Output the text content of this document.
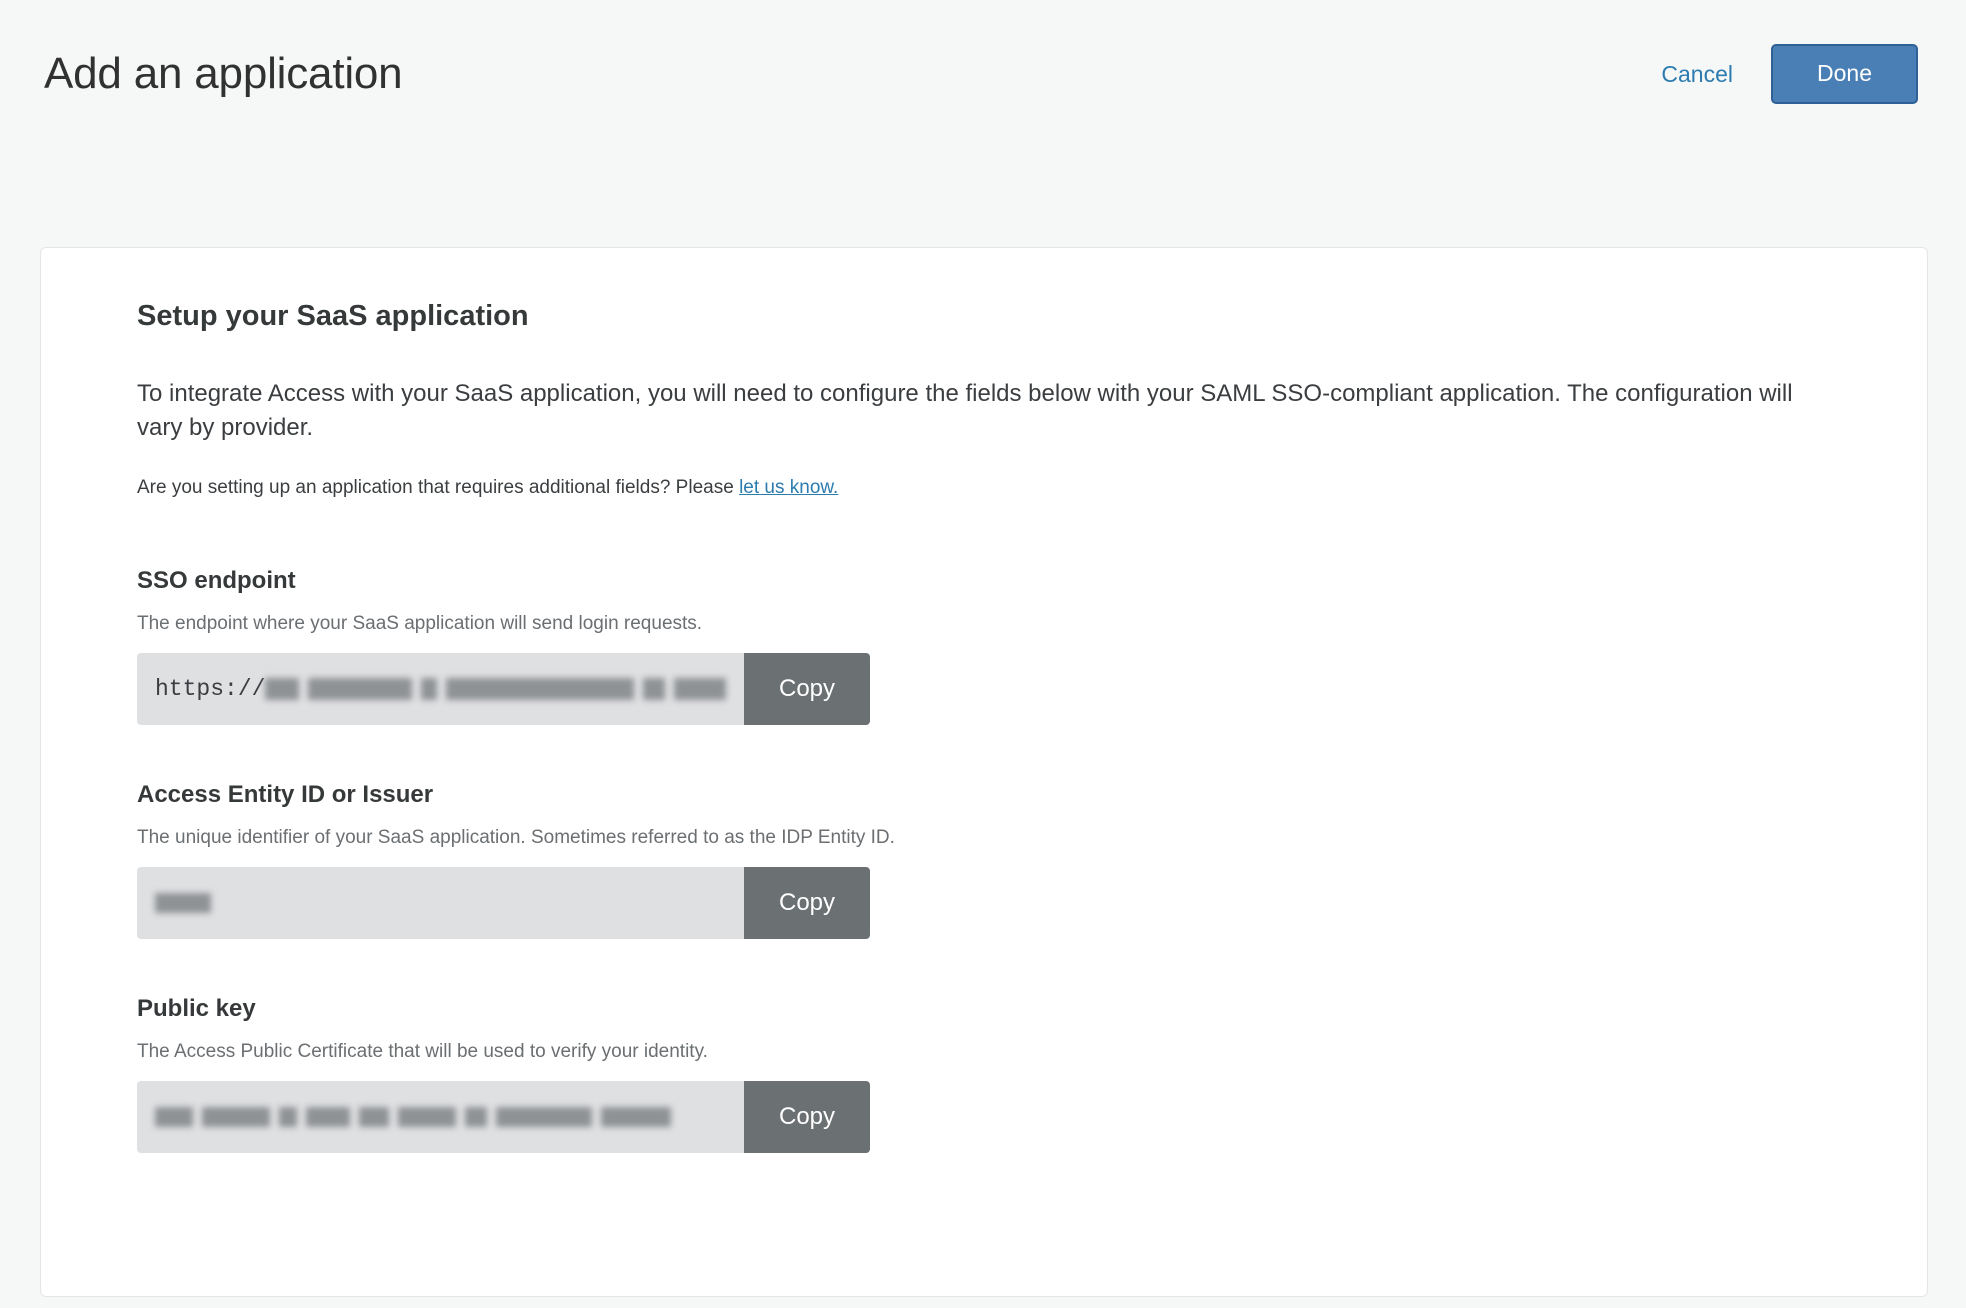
Add an application	Cancel	Done
Setup your SaaS application

To integrate Access with your SaaS application, you will need to configure the fields below with your SAML SSO-compliant application. The configuration will vary by provider.

Are you setting up an application that requires additional fields? Please let us know.

SSO endpoint
The endpoint where your SaaS application will send login requests.
https://	Copy
Access Entity ID or Issuer
The unique identifier of your SaaS application. Sometimes referred to as the IDP Entity ID.
Copy
Public key
The Access Public Certificate that will be used to verify your identity.
Copy
